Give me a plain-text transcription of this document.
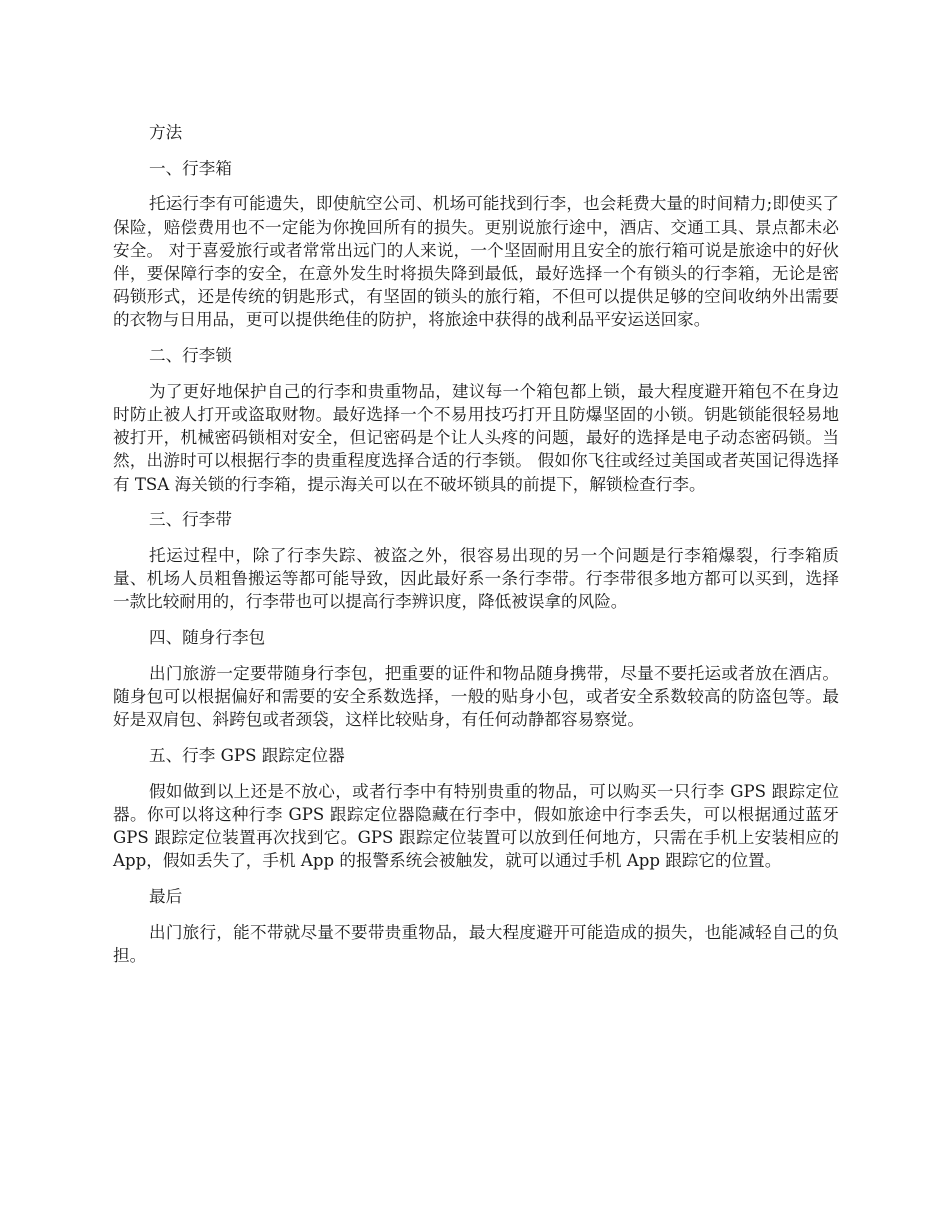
方法

一、行李箱

托运行李有可能遗失，即使航空公司、机场可能找到行李，也会耗费大量的时间精力;即使买了保险，赔偿费用也不一定能为你挽回所有的损失。更别说旅行途中，酒店、交通工具、景点都未必安全。 对于喜爱旅行或者常常出远门的人来说，一个坚固耐用且安全的旅行箱可说是旅途中的好伙伴，要保障行李的安全，在意外发生时将损失降到最低，最好选择一个有锁头的行李箱，无论是密码锁形式，还是传统的钥匙形式，有坚固的锁头的旅行箱，不但可以提供足够的空间收纳外出需要的衣物与日用品，更可以提供绝佳的防护，将旅途中获得的战利品平安运送回家。

二、行李锁

为了更好地保护自己的行李和贵重物品，建议每一个箱包都上锁，最大程度避开箱包不在身边时防止被人打开或盗取财物。最好选择一个不易用技巧打开且防爆坚固的小锁。钥匙锁能很轻易地被打开，机械密码锁相对安全，但记密码是个让人头疼的问题，最好的选择是电子动态密码锁。当然，出游时可以根据行李的贵重程度选择合适的行李锁。 假如你飞往或经过美国或者英国记得选择有 TSA 海关锁的行李箱，提示海关可以在不破坏锁具的前提下，解锁检查行李。

三、行李带

托运过程中，除了行李失踪、被盗之外，很容易出现的另一个问题是行李箱爆裂，行李箱质量、机场人员粗鲁搬运等都可能导致，因此最好系一条行李带。行李带很多地方都可以买到，选择一款比较耐用的，行李带也可以提高行李辨识度，降低被误拿的风险。

四、随身行李包

出门旅游一定要带随身行李包，把重要的证件和物品随身携带，尽量不要托运或者放在酒店。随身包可以根据偏好和需要的安全系数选择，一般的贴身小包，或者安全系数较高的防盗包等。最好是双肩包、斜跨包或者颈袋，这样比较贴身，有任何动静都容易察觉。

五、行李 GPS 跟踪定位器

假如做到以上还是不放心，或者行李中有特别贵重的物品，可以购买一只行李 GPS 跟踪定位器。你可以将这种行李 GPS 跟踪定位器隐藏在行李中，假如旅途中行李丢失，可以根据通过蓝牙 GPS 跟踪定位装置再次找到它。GPS 跟踪定位装置可以放到任何地方，只需在手机上安装相应的 App，假如丢失了，手机 App 的报警系统会被触发，就可以通过手机 App 跟踪它的位置。

最后

出门旅行，能不带就尽量不要带贵重物品，最大程度避开可能造成的损失，也能减轻自己的负担。
